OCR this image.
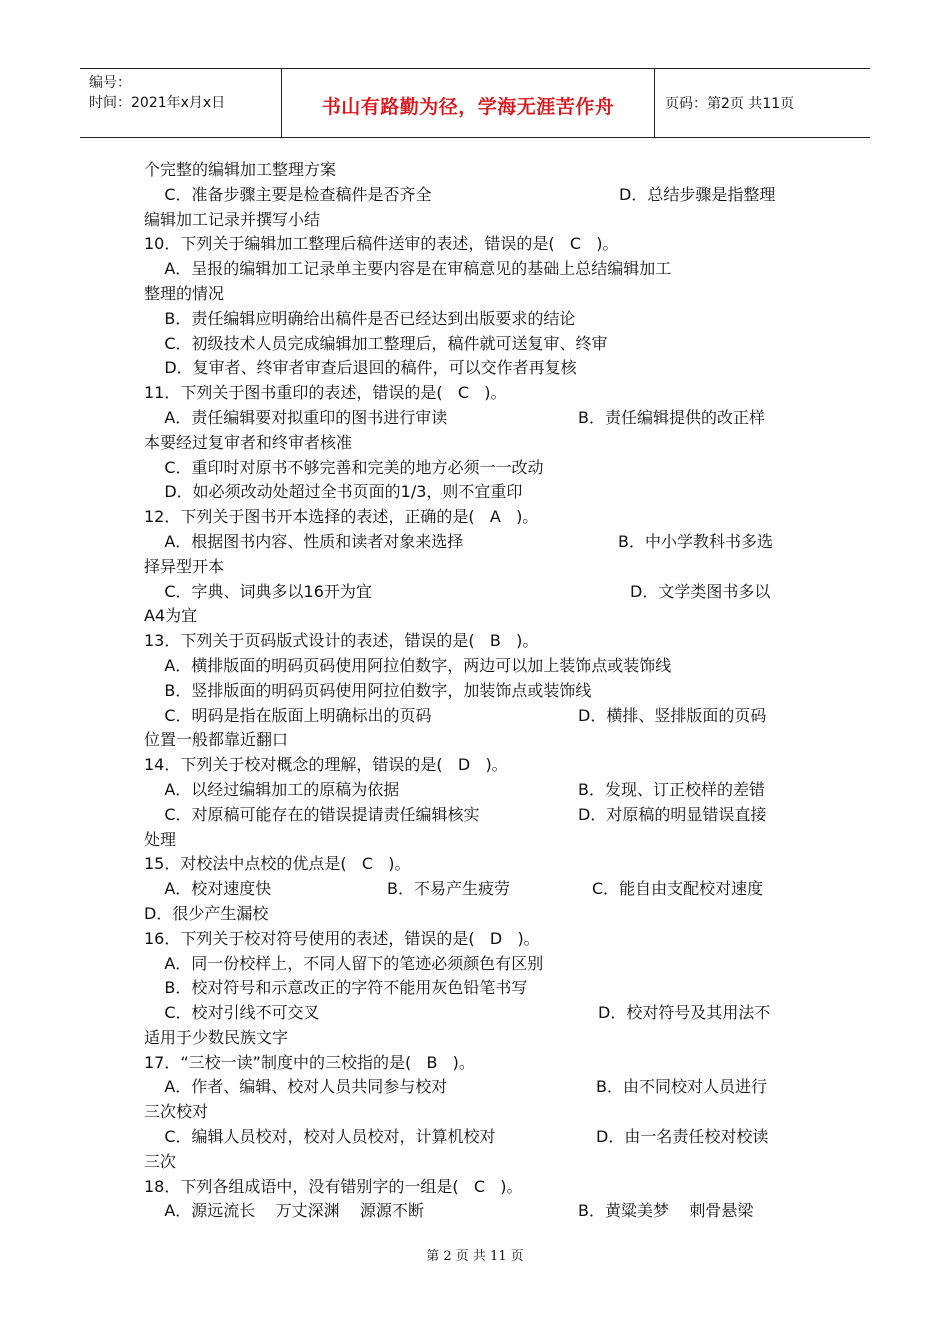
编号：
时间：2021年x月x日	书山有路勤为径，学海无涯苦作舟	页码：第2页 共11页
个完整的编辑加工整理方案
C．准备步骤主要是检查稿件是否齐全	D．总结步骤是指整理
编辑加工记录并撰写小结
10．下列关于编辑加工整理后稿件送审的表述，错误的是(   C   )。
A．呈报的编辑加工记录单主要内容是在审稿意见的基础上总结编辑加工
整理的情况
B．责任编辑应明确给出稿件是否已经达到出版要求的结论
C．初级技术人员完成编辑加工整理后，稿件就可送复审、终审
D．复审者、终审者审查后退回的稿件，可以交作者再复核
11．下列关于图书重印的表述，错误的是(   C   )。
A．责任编辑要对拟重印的图书进行审读	B．责任编辑提供的改正样
本要经过复审者和终审者核准
C．重印时对原书不够完善和完美的地方必须一一改动
D．如必须改动处超过全书页面的1/3，则不宜重印
12．下列关于图书开本选择的表述，正确的是(   A   )。
A．根据图书内容、性质和读者对象来选择	B．中小学教科书多选
择异型开本
C．字典、词典多以16开为宜	D．文学类图书多以
A4为宜
13．下列关于页码版式设计的表述，错误的是(   B   )。
A．横排版面的明码页码使用阿拉伯数字，两边可以加上装饰点或装饰线
B．竖排版面的明码页码使用阿拉伯数字，加装饰点或装饰线
C．明码是指在版面上明确标出的页码	D．横排、竖排版面的页码
位置一般都靠近翻口
14．下列关于校对概念的理解，错误的是(   D   )。
A．以经过编辑加工的原稿为依据	B．发现、订正校样的差错
C．对原稿可能存在的错误提请责任编辑核实	D．对原稿的明显错误直接
处理
15．对校法中点校的优点是(   C   )。
A．校对速度快	B．不易产生疲劳	C．能自由支配校对速度
D．很少产生漏校
16．下列关于校对符号使用的表述，错误的是(   D   )。
A．同一份校样上，不同人留下的笔迹必须颜色有区别
B．校对符号和示意改正的字符不能用灰色铅笔书写
C．校对引线不可交叉	D．校对符号及其用法不
适用于少数民族文字
17．“三校一读”制度中的三校指的是(   B   )。
A．作者、编辑、校对人员共同参与校对	B．由不同校对人员进行
三次校对
C．编辑人员校对，校对人员校对，计算机校对	D．由一名责任校对校读
三次
18．下列各组成语中，没有错别字的一组是(   C   )。
A．源远流长    万丈深渊    源源不断	B．黄粱美梦    刺骨悬梁
第 2 页 共 11 页
